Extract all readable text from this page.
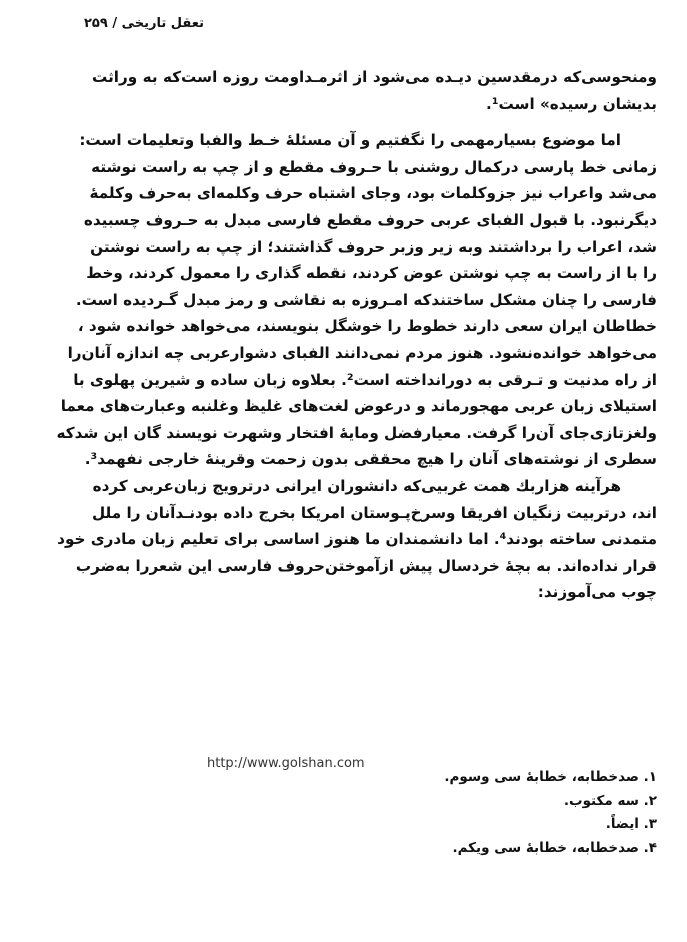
تعقل تاریخی / ۲۵۹

ومنحوسی‌که درمقدسین دیـده می‌شود از اثرمـداومت روزه است‌که به وراثت
بدیشان رسیده» است¹.

اما موضوع بسیارمهمی را نگفتیم و آن مسئلهٔ خـط والفبا وتعلیمات است:
زمانی خط پارسی درکمال روشنی با حـروف مقطع و از چپ به راست نوشته
می‌شد واعراب نیز جزوکلمات بود، وجای اشتباه حرف وکلمه‌ای به‌حرف وکلمهٔ
دیگرنبود. با قبول الفبای عربی حروف مقطع فارسی مبدل به حـروف چسبیده
شد، اعراب را برداشتند وبه زیر وزبر حروف گذاشتند؛ از چپ به راست نوشتن
را با از راست به چپ نوشتن عوض کردند، نقطه گذاری را معمول کردند، وخط
فارسی را چنان مشکل ساختندکه امـروزه به نقاشی و رمز مبدل گـردیده است.
خطاطان ایران سعی دارند خطوط را خوشگل بنویسند، می‌خواهد خوانده شود ،
می‌خواهد خوانده‌نشود. هنوز مردم نمی‌دانند الفبای دشوارعربی چه اندازه آنان‌را
از راه مدنیت و تـرقی به دورانداخته است². بعلاوه زبان ساده و شیرین پهلوی با
استیلای زبان عربی مهجورماند و درعوض لغت‌های غلیظ وغلنبه وعبارت‌های معما
ولغزتازی‌جای آن‌را گرفت. معیارفضل ومایهٔ افتخار وشهرت نویسند گان این شدکه
سطری از نوشته‌های آنان را هیچ محققی بدون زحمت وقرینهٔ خارجی نفهمد³.

هرآینه هزاربك همت غربیی‌که دانشوران ایرانی درترویج زبان‌عربی کرده‌
اند، درتربیت زنگیان افریقا وسرخ‌پـوستان امریکا بخرج داده بودنـدآنان را ملل
متمدنی ساخته بودند⁴. اما دانشمندان ما هنوز اساسی برای تعلیم زبان مادری خود
قرار نداده‌اند. به بچهٔ خردسال پیش ازآموختن‌حروف فارسی این شعررا به‌ضرب
چوب می‌آموزند:

http://www.golshan.com
۱. صدخطابه، خطابهٔ سی وسوم.
۲. سه مکتوب.
۳. ایضاً.
۴. صدخطابه، خطابهٔ سی ویکم.
